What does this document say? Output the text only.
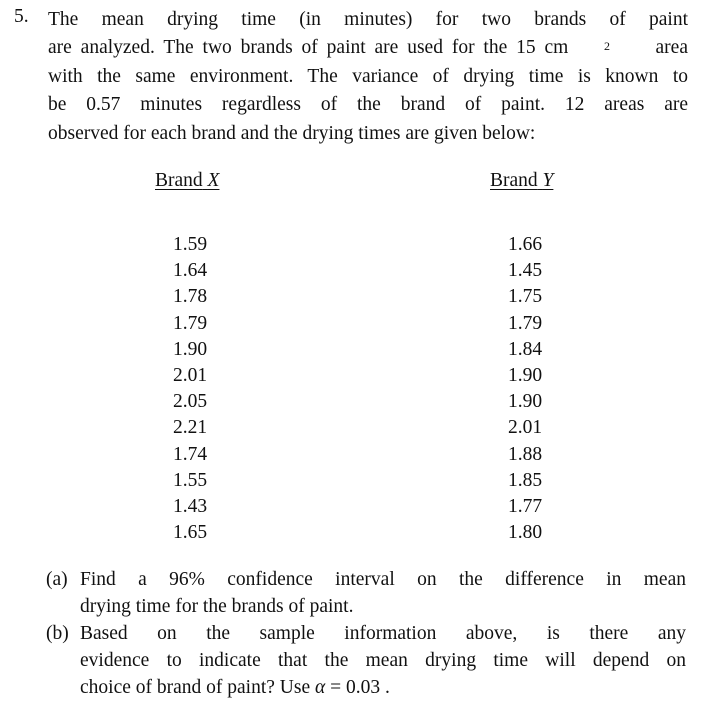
5. The mean drying time (in minutes) for two brands of paint
are analyzed. The two brands of paint are used for the 15 cm	$^2$ area
with the same environment. The variance of drying time is known to
be 0.57 minutes regardless of the brand of paint. 12 areas are
observed for each brand and the drying times are given below:
Brand X
1.59
1.64
1.78
1.79
1.90
2.01
2.05
2.21
1.74
1.55
1.43
1.65
Brand Y
1.66
1.45
1.75
1.79
1.84
1.90
1.90
2.01
1.88
1.85
1.77
1.80
(a) Find a 96% confidence interval on the difference in mean
drying time for the brands of paint.
(b) Based on the sample information above, is there any
evidence to indicate that the mean drying time will depend on
choice of brand of paint? Use α = 0.03 .
